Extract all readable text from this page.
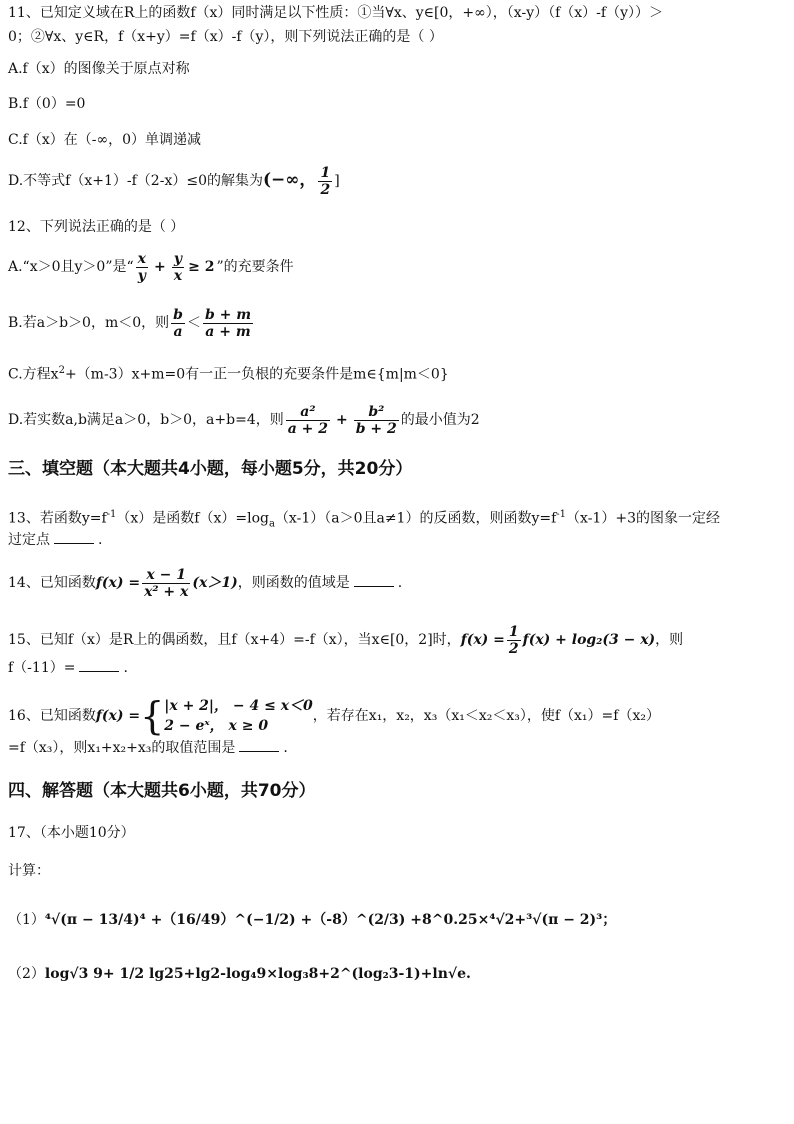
11、已知定义域在R上的函数f（x）同时满足以下性质：①当∀x、y∈[0，+∞），（x-y）（f（x）-f（y））＞
0；②∀x、y∈R，f（x+y）=f（x）-f（y），则下列说法正确的是（ ）
A.f（x）的图像关于原点对称
B.f（0）=0
C.f（x）在（-∞，0）单调递减
D.不等式f（x+1）-f（2-x）≤0的解集为(−∞， $\frac{1}{2}$ ]
12、下列说法正确的是（ ）
A.“x＞0且y＞0”是“ $\frac{x}{y} + \frac{y}{x} \ge 2$ ”的充要条件
B.若a＞b＞0，m＜0，则 $\frac{b}{a} < \frac{b + m}{a + m}$
C.方程$x^2+(m-3)x+m=0$有一正一负根的充要条件是m∈{m|m＜0}
D.若实数a,b满足a＞0，b＞0，a+b=4，则 $\frac{\text{a²}}{a + 2} + \frac{\text{b²}}{b + 2}$ 的最小值为2
三、填空题（本大题共4小题，每小题5分，共20分）
13、若函数$y=f^{-1}(x)$是函数$f(x)=\log_a(x-1)(a>0$且a≠1）的反函数，则函数$y=f^{-1}(x-1)+3$的图象一定经
过定点	.
14、已知函数$f(x) = \frac{x - 1}{\text{x² + x}} (x>1)$，则函数的值域是	.
15、已知f（x）是R上的偶函数，且f（x+4）=-f（x），当x∈[0，2]时，$f(x) = \frac{1}{2} f(x) + \log_2(3 - x)$，则
f（-11）=	.
16、已知函数f(x) ={ |x + 2|， − 4 ≤ x＜0
2 − eˣ， x ≥ 0
，若存在x₁，x₂，x₃（x₁＜x₂＜x₃），使f（x₁）=f（x₂）
=f（x₃），则x₁+x₂+x₃的取值范围是	.
四、解答题（本大题共6小题，共70分）
17、（本小题10分）
计算：
（1）⁴√(π − 13/4)⁴ +（16/49）^(−1/2) +（-8）^(2/3) +8^0.25×⁴√2+³√(π − 2)³；
（2）log√3 9+ 1/2 lg25+lg2-log₄9×log₃8+2^(log₂3-1)+ln√e.
